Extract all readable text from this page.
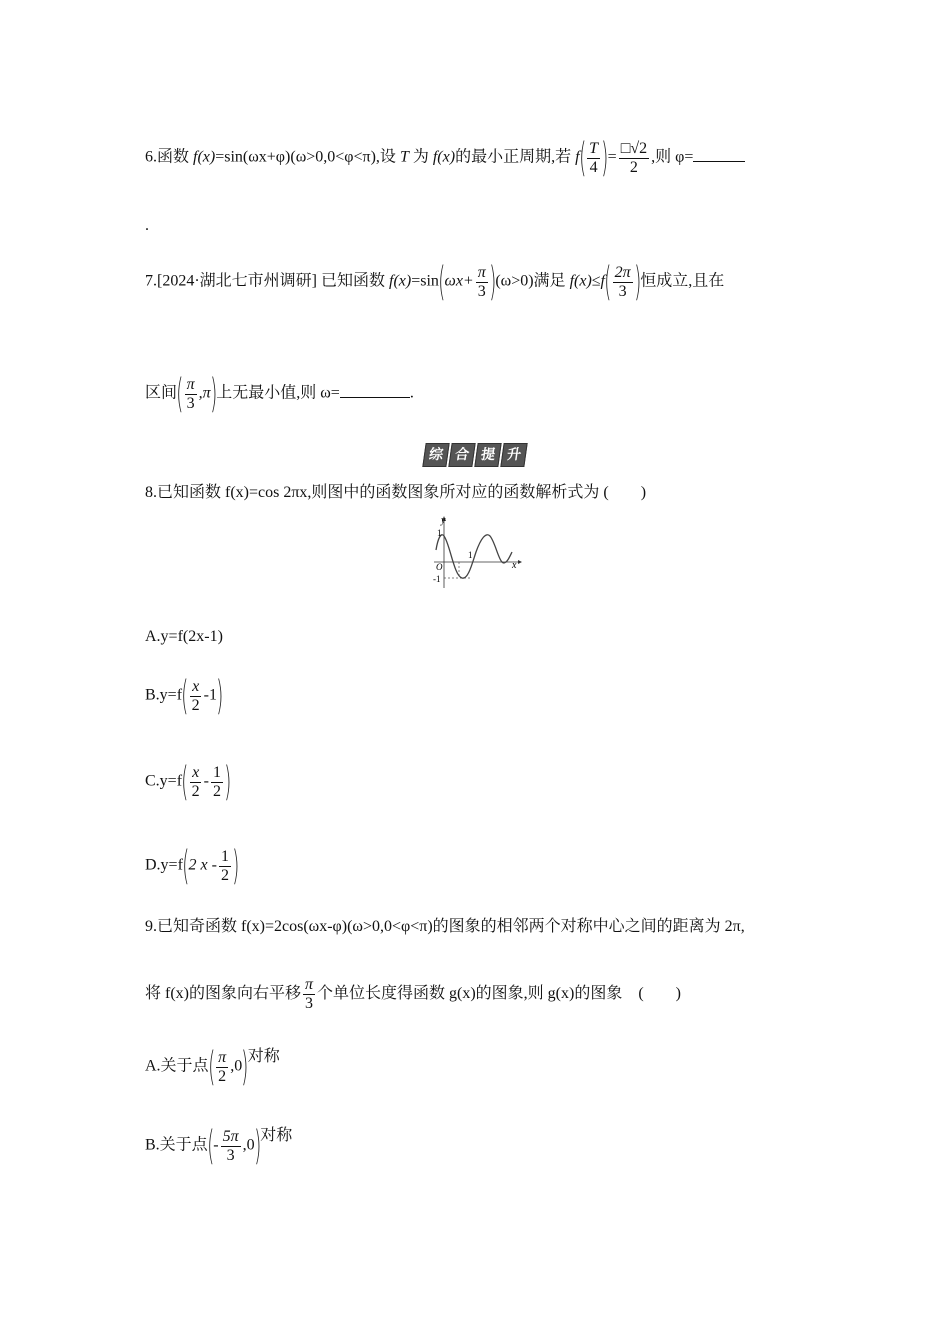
6.函数 f(x)=sin(ωx+φ)(ω>0,0<φ<π),设 T 为 f(x)的最小正周期,若 $f( \frac{T}{4}$ )= $\frac{□√2}{2}$ ,则 φ=
.
7.[2024·湖北七市州调研] 已知函数 $f(x)=\sin(\omega x+ \frac{\pi}{3} )(\omega>0)$满足 $f(x)\le f( \frac{2\pi}{3}$ )恒成立,且在
区间( $\frac{\pi}{3} ,\pi$)上无最小值,则 ω=	.
综 合 提 升
8.已知函数 f(x)=cos 2πx,则图中的函数图象所对应的函数解析式为 (　　)
y
x
1
O
1
-1
A.y=f(2x-1)
$B.y=f( \frac{x}{2} -1)$
$C.y=f( \frac{x}{2} - \frac{1}{2}$ )
D.y=f(2 x - $\frac{1}{2}$ )
9.已知奇函数 f(x)=2cos(ωx-φ)(ω>0,0<φ<π)的图象的相邻两个对称中心之间的距离为 2π,
将 f(x)的图象向右平移 $\frac{\pi}{3}$ 个单位长度得函数 g(x)的图象,则 g(x)的图象　(　　)
A.关于点( $\frac{\pi}{2} ,0$)对称
B.关于点(- $\frac{5\pi}{3} ,0$)对称
